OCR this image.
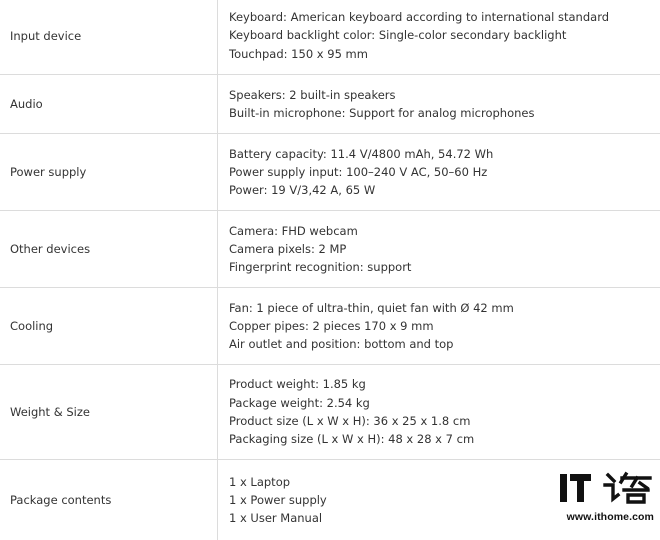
Input device
Keyboard: American keyboard according to international standard
Keyboard backlight color: Single-color secondary backlight
Touchpad: 150 x 95 mm
Audio
Speakers: 2 built-in speakers
Built-in microphone: Support for analog microphones
Power supply
Battery capacity: 11.4 V/4800 mAh, 54.72 Wh
Power supply input: 100–240 V AC, 50–60 Hz
Power: 19 V/3,42 A, 65 W
Other devices
Camera: FHD webcam
Camera pixels: 2 MP
Fingerprint recognition: support
Cooling
Fan: 1 piece of ultra-thin, quiet fan with Ø 42 mm
Copper pipes: 2 pieces 170 x 9 mm
Air outlet and position: bottom and top
Weight & Size
Product weight: 1.85 kg
Package weight: 2.54 kg
Product size (L x W x H): 36 x 25 x 1.8 cm
Packaging size (L x W x H): 48 x 28 x 7 cm
Package contents
1 x Laptop
1 x Power supply
1 x User Manual	www.ithome.com
